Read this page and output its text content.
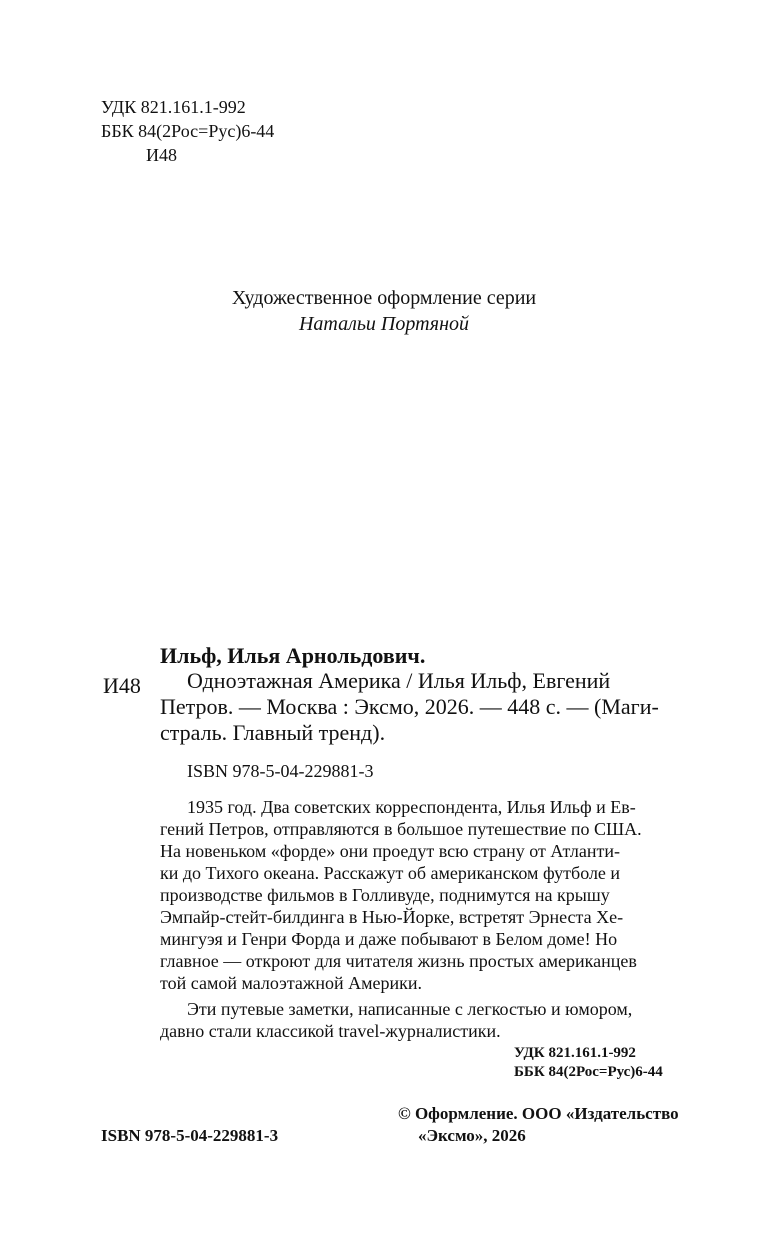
УДК 821.161.1-992
ББК 84(2Рос=Рус)6-44
И48
Художественное оформление серии
Натальи Портяной
Ильф, Илья Арнольдович.
И48 Одноэтажная Америка / Илья Ильф, Евгений
Петров. — Москва : Эксмо, 2026. — 448 с. — (Маги-
страль. Главный тренд).
ISBN 978-5-04-229881-3
1935 год. Два советских корреспондента, Илья Ильф и Ев-
гений Петров, отправляются в большое путешествие по США.
На новеньком «форде» они проедут всю страну от Атланти-
ки до Тихого океана. Расскажут об американском футболе и
производстве фильмов в Голливуде, поднимутся на крышу
Эмпайр-стейт-билдинга в Нью-Йорке, встретят Эрнеста Хе-
мингуэя и Генри Форда и даже побывают в Белом доме! Но
главное — откроют для читателя жизнь простых американцев
той самой малоэтажной Америки.
Эти путевые заметки, написанные с легкостью и юмором,
давно стали классикой travel-журналистики.
УДК 821.161.1-992
ББК 84(2Рос=Рус)6-44
ISBN 978-5-04-229881-3
© Оформление. ООО «Издательство
«Эксмо», 2026
